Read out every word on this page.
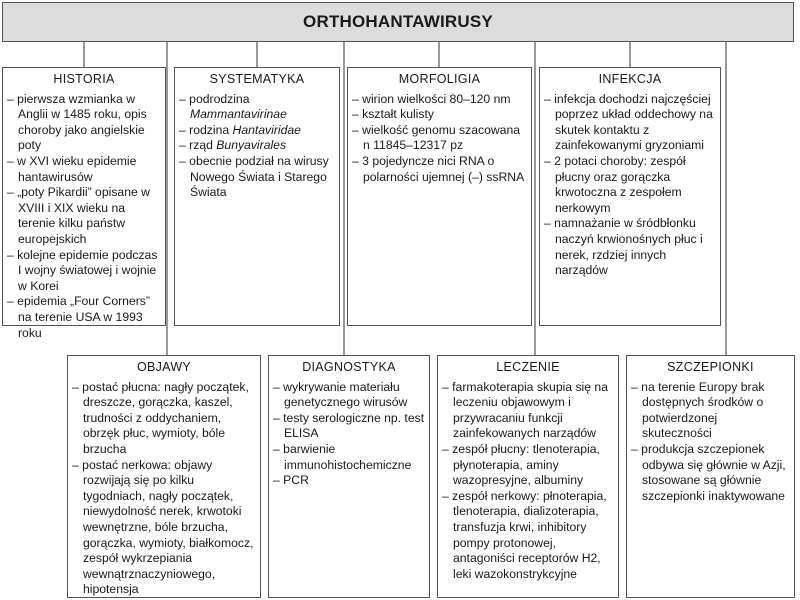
ORTHOHANTAWIRUSY
HISTORIA
– pierwsza wzmianka w Anglii w 1485 roku, opis choroby jako angielskie poty
– w XVI wieku epidemie hantawirusów
– „poty Pikardii” opisane w XVIII i XIX wieku na terenie kilku państw europejskich
– kolejne epidemie podczas I wojny światowej i wojnie w Korei
– epidemia „Four Corners” na terenie USA w 1993 roku
SYSTEMATYKA
– podrodzina Mammantavirinae
– rodzina Hantaviridae
– rząd Bunyavirales
– obecnie podział na wirusy Nowego Świata i Starego Świata
MORFOLIGIA
– wirion wielkości 80–120 nm
– kształt kulisty
– wielkość genomu szacowana n 11845–12317 pz
– 3 pojedyncze nici RNA o polarności ujemnej (–) ssRNA
INFEKCJA
– infekcja dochodzi najczęściej poprzez układ oddechowy na skutek kontaktu z zainfekowanymi gryzoniami
– 2 potaci choroby: zespół płucny oraz gorączka krwotoczna z zespołem nerkowym
– namnażanie w śródbłonku naczyń krwionośnych płuc i nerek, rzdziej innych narządów
OBJAWY
– postać płucna: nagły początek, dreszcze, gorączka, kaszel, trudności z oddychaniem, obrzęk płuc, wymioty, bóle brzucha
– postać nerkowa: objawy rozwijają się po kilku tygodniach, nagły początek, niewydolność nerek, krwotoki wewnętrzne, bóle brzucha, gorączka, wymioty, białkomocz, zespół wykrzepiania wewnątrznaczyniowego, hipotensja
DIAGNOSTYKA
– wykrywanie materiału genetycznego wirusów
– testy serologiczne np. test ELISA
– barwienie immunohistochemiczne
– PCR
LECZENIE
– farmakoterapia skupia się na leczeniu objawowym i przywracaniu funkcji zainfekowanych narządów
– zespół płucny: tlenoterapia, płynoterapia, aminy wazopresyjne, albuminy
– zespół nerkowy: płnoterapia, tlenoterapia, dializoterapia, transfuzja krwi, inhibitory pompy protonowej, antagoniści receptorów H2, leki wazokonstrykcyjne
SZCZEPIONKI
– na terenie Europy brak dostępnych środków o potwierdzonej skuteczności
– produkcja szczepionek odbywa się głównie w Azji, stosowane są głównie szczepionki inaktywowane
